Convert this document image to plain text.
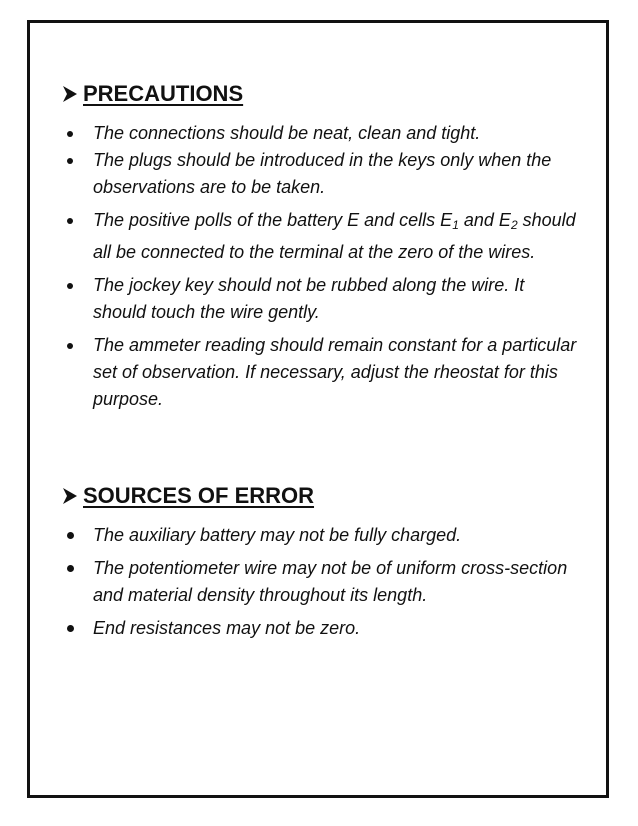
PRECAUTIONS
The connections should be neat, clean and tight.
The plugs should be introduced in the keys only when the observations are to be taken.
The positive polls of the battery E and cells $E_1$ and $E_2$ should all be connected to the terminal at the zero of the wires.
The jockey key should not be rubbed along the wire. It should touch the wire gently.
The ammeter reading should remain constant for a particular set of observation. If necessary, adjust the rheostat for this purpose.
SOURCES OF ERROR
The auxiliary battery may not be fully charged.
The potentiometer wire may not be of uniform cross-section and material density throughout its length.
End resistances may not be zero.
